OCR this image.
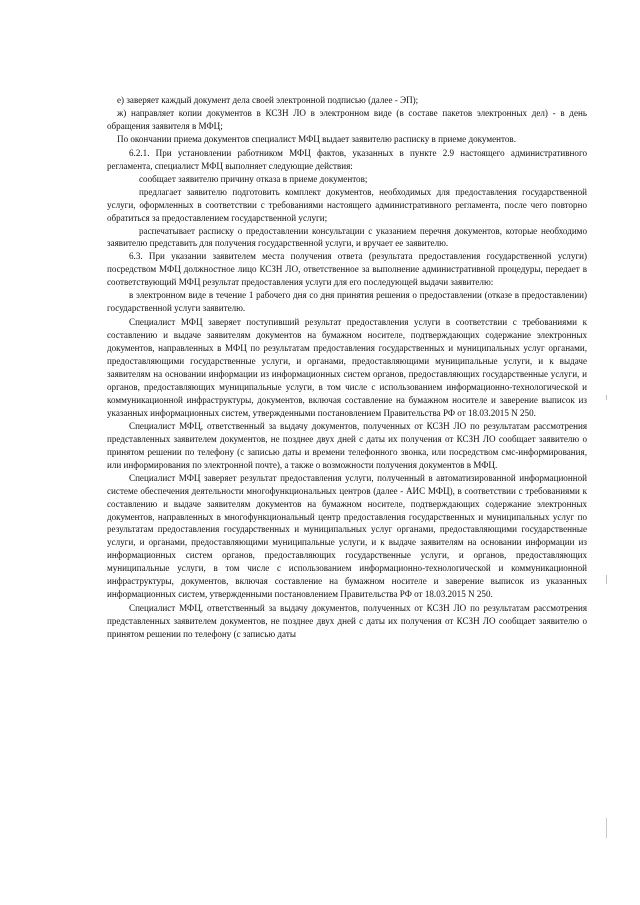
е) заверяет каждый документ дела своей электронной подписью (далее - ЭП);

ж) направляет копии документов в КСЗН ЛО в электронном виде (в составе пакетов электронных дел) - в день обращения заявителя в МФЦ;

По окончании приема документов специалист МФЦ выдает заявителю расписку в приеме документов.

6.2.1. При установлении работником МФЦ фактов, указанных в пункте 2.9 настоящего административного регламента, специалист МФЦ выполняет следующие действия:

сообщает заявителю причину отказа в приеме документов;

предлагает заявителю подготовить комплект документов, необходимых для предоставления государственной услуги, оформленных в соответствии с требованиями настоящего административного регламента, после чего повторно обратиться за предоставлением государственной услуги;

распечатывает расписку о предоставлении консультации с указанием перечня документов, которые необходимо заявителю представить для получения государственной услуги, и вручает ее заявителю.

6.3. При указании заявителем места получения ответа (результата предоставления государственной услуги) посредством МФЦ должностное лицо КСЗН ЛО, ответственное за выполнение административной процедуры, передает в соответствующий МФЦ результат предоставления услуги для его последующей выдачи заявителю:

в электронном виде в течение 1 рабочего дня со дня принятия решения о предоставлении (отказе в предоставлении) государственной услуги заявителю.

Специалист МФЦ заверяет поступивший результат предоставления услуги в соответствии с требованиями к составлению и выдаче заявителям документов на бумажном носителе, подтверждающих содержание электронных документов, направленных в МФЦ по результатам предоставления государственных и муниципальных услуг органами, предоставляющими государственные услуги, и органами, предоставляющими муниципальные услуги, и к выдаче заявителям на основании информации из информационных систем органов, предоставляющих государственные услуги, и органов, предоставляющих муниципальные услуги, в том числе с использованием информационно-технологической и коммуникационной инфраструктуры, документов, включая составление на бумажном носителе и заверение выписок из указанных информационных систем, утвержденными постановлением Правительства РФ от 18.03.2015 N 250.

Специалист МФЦ, ответственный за выдачу документов, полученных от КСЗН ЛО по результатам рассмотрения представленных заявителем документов, не позднее двух дней с даты их получения от КСЗН ЛО сообщает заявителю о принятом решении по телефону (с записью даты и времени телефонного звонка, или посредством смс-информирования, или информирования по электронной почте), а также о возможности получения документов в МФЦ.

Специалист МФЦ заверяет результат предоставления услуги, полученный в автоматизированной информационной системе обеспечения деятельности многофункциональных центров (далее - АИС МФЦ), в соответствии с требованиями к составлению и выдаче заявителям документов на бумажном носителе, подтверждающих содержание электронных документов, направленных в многофункциональный центр предоставления государственных и муниципальных услуг по результатам предоставления государственных и муниципальных услуг органами, предоставляющими государственные услуги, и органами, предоставляющими муниципальные услуги, и к выдаче заявителям на основании информации из информационных систем органов, предоставляющих государственные услуги, и органов, предоставляющих муниципальные услуги, в том числе с использованием информационно-технологической и коммуникационной инфраструктуры, документов, включая составление на бумажном носителе и заверение выписок из указанных информационных систем, утвержденными постановлением Правительства РФ от 18.03.2015 N 250.

Специалист МФЦ, ответственный за выдачу документов, полученных от КСЗН ЛО по результатам рассмотрения представленных заявителем документов, не позднее двух дней с даты их получения от КСЗН ЛО сообщает заявителю о принятом решении по телефону (с записью даты
